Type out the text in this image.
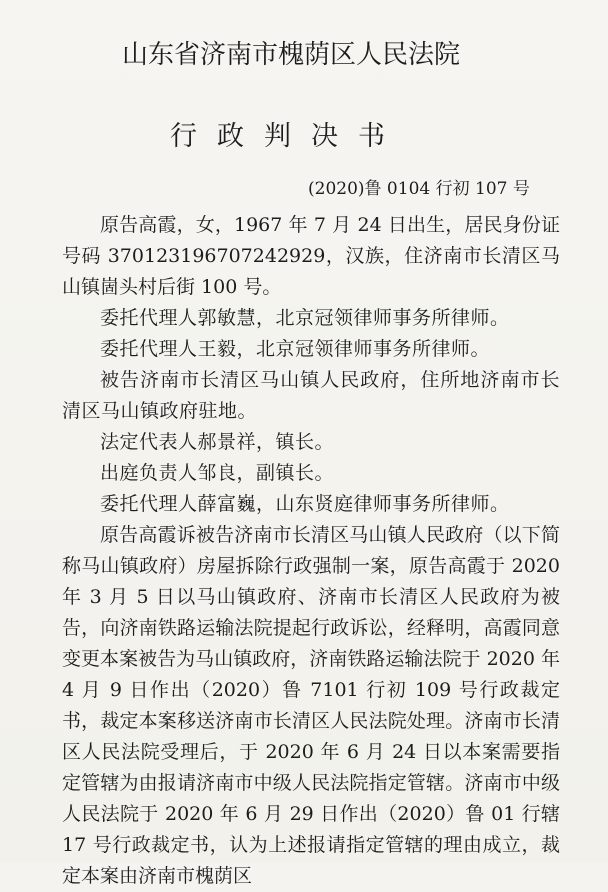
山东省济南市槐荫区人民法院
行政判决书
(2020)鲁 0104 行初 107 号

原告高霞，女，1967 年 7 月 24 日出生，居民身份证号码 370123196707242929，汉族，住济南市长清区马山镇崮头村后街 100 号。

委托代理人郭敏慧，北京冠领律师事务所律师。

委托代理人王毅，北京冠领律师事务所律师。

被告济南市长清区马山镇人民政府，住所地济南市长清区马山镇政府驻地。

法定代表人郝景祥，镇长。

出庭负责人邹良，副镇长。

委托代理人薛富巍，山东贤庭律师事务所律师。

原告高霞诉被告济南市长清区马山镇人民政府（以下简称马山镇政府）房屋拆除行政强制一案，原告高霞于 2020 年 3 月 5 日以马山镇政府、济南市长清区人民政府为被告，向济南铁路运输法院提起行政诉讼，经释明，高霞同意变更本案被告为马山镇政府，济南铁路运输法院于 2020 年 4 月 9 日作出（2020）鲁 7101 行初 109 号行政裁定书，裁定本案移送济南市长清区人民法院处理。济南市长清区人民法院受理后，于 2020 年 6 月 24 日以本案需要指定管辖为由报请济南市中级人民法院指定管辖。济南市中级人民法院于 2020 年 6 月 29 日作出（2020）鲁 01 行辖 17 号行政裁定书，认为上述报请指定管辖的理由成立，裁定本案由济南市槐荫区
